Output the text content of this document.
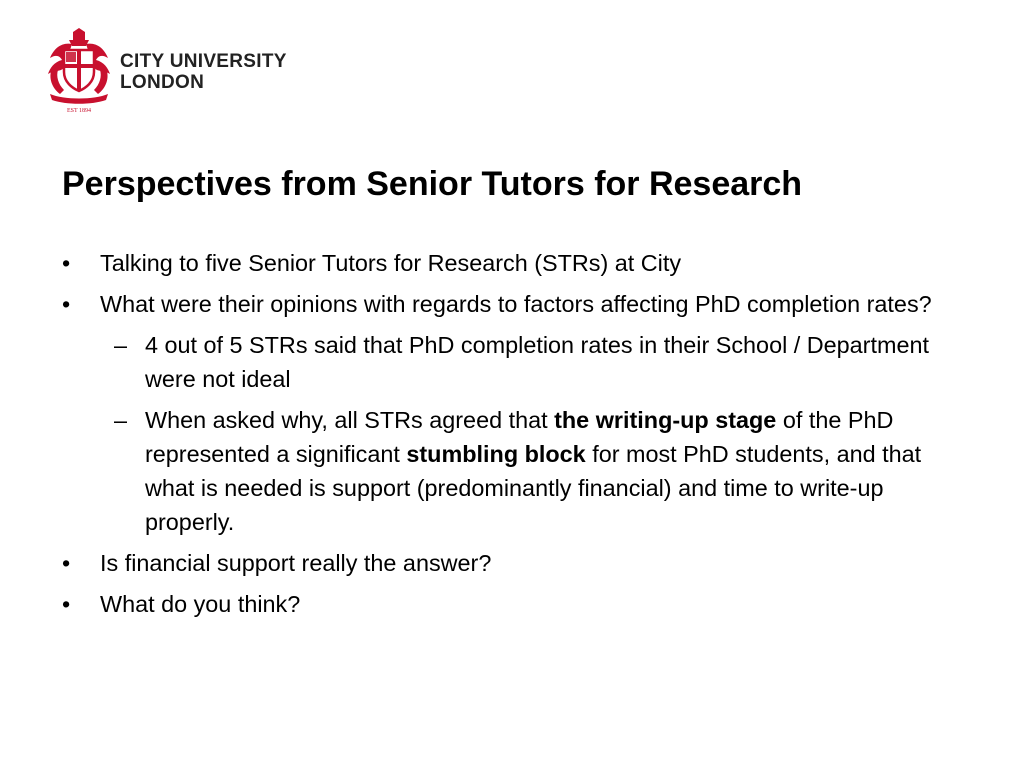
EST 1894
CITY UNIVERSITY
LONDON
Perspectives from Senior Tutors for Research
•	Talking to five Senior Tutors for Research (STRs) at City
•	What were their opinions with regards to factors affecting PhD completion rates?
– 4 out of 5 STRs said that PhD completion rates in their School / Department were not ideal
– When asked why, all STRs agreed that the writing-up stage of the PhD represented a significant stumbling block for most PhD students, and that what is needed is support (predominantly financial) and time to write-up properly.
•	Is financial support really the answer?
•	What do you think?
